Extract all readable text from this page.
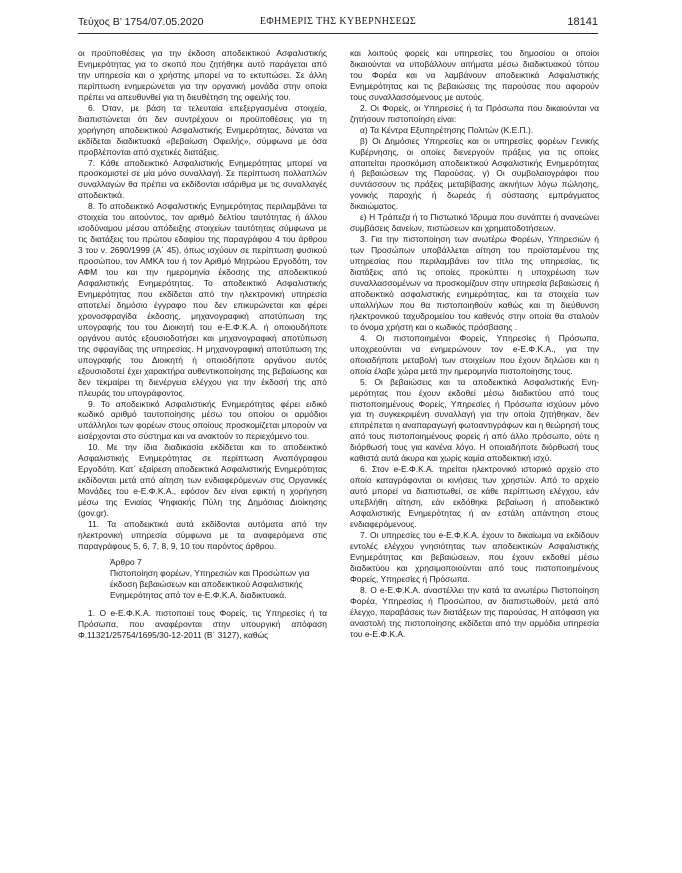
Τεύχος Β’ 1754/07.05.2020	ΕΦΗΜΕΡΙΣ ΤΗΣ ΚΥΒΕΡΝΗΣΕΩΣ	18141

οι προϋποθέσεις για την έκδοση αποδεικτικού Ασφαλιστικής Ενημερότητας για το σκοπό που ζητήθηκε αυτό παράγεται από την υπηρεσία και ο χρήστης μπορεί να το εκτυπώσει. Σε άλλη περίπτωση ενημερώνεται για την οργανική μονάδα στην οποία πρέπει να απευθυνθεί για τη διευθέτηση της οφειλής του.

6. Όταν, με βάση τα τελευταία επεξεργασμένα στοιχεία, διαπιστώνεται ότι δεν συντρέχουν οι προϋποθέσεις για τη χορήγηση αποδεικτικού Ασφαλιστικής Ενημερότητας, δύναται να εκδίδεται διαδικτυακά «βεβαίωση Οφειλής», σύμφωνα με όσα προβλέπονται από σχετικές διατάξεις.

7. Κάθε αποδεικτικό Ασφαλιστικής Ενημερότητας μπορεί να προσκομιστεί σε μία μόνο συναλλαγή. Σε περίπτωση πολλαπλών συναλλαγών θα πρέπει να εκδίδονται ισάριθμα με τις συναλλαγές αποδεικτικά.

8. Το αποδεικτικό Ασφαλιστικής Ενημερότητας περιλαμβάνει τα στοιχεία του αιτούντος, τον αριθμό δελτίου ταυτότητας ή άλλου ισοδύναμου μέσου απόδειξης στοιχείων ταυτότητας σύμφωνα με τις διατάξεις του πρώτου εδαφίου της παραγράφου 4 του άρθρου 3 του ν. 2690/1999 (Α΄ 45), όπως ισχύουν σε περίπτωση φυσικού προσώπου, τον ΑΜΚΑ του ή τον Αριθμό Μητρώου Εργοδότη, τον ΑΦΜ του και την ημερομηνία έκδοσης της αποδεικτικού Ασφαλιστικής Ενημερότητας. Το αποδεικτικό Ασφαλιστικής Ενημερότητας που εκδίδεται από την ηλεκτρονική υπηρεσία αποτελεί δημόσιο έγγραφο που δεν επικυρώνεται και φέρει χρονοσφραγίδα έκδοσης, μηχανογραφική αποτύπωση της υπογραφής του του Διοικητή του e-Ε.Φ.Κ.Α. ή οποιουδήποτε οργάνου αυτός εξουσιοδοτήσει και μηχανογραφική αποτύπωση της σφραγίδας της υπηρεσίας. Η μηχανογραφική αποτύπωση της υπογραφής του Διοικητή ή οποιοδήποτε οργάνου αυτός εξουσιοδοτεί έχει χαρακτήρα αυθεντικοποίησης της βεβαίωσης και δεν τεκμαίρει τη διενέργεια ελέγχου για την έκδοσή της από πλευράς του υπογράφοντος.

9. Το αποδεικτικό Ασφαλιστικής Ενημερότητας φέρει ειδικό κωδικό αριθμό ταυτοποίησης μέσω του οποίου οι αρμόδιοι υπάλληλοι των φορέων στους οποίους προσκομίζεται μπορούν να εισέρχονται στο σύστημα και να ανακτούν το περιεχόμενο του.

10. Με την ίδια διαδικασία εκδίδεται και το αποδεικτικό Ασφαλιστικής Ενημερότητας σε περίπτωση Αναπόγραφου Εργοδότη. Κατ΄ εξαίρεση αποδεικτικά Ασφαλιστικής Ενημερότητας εκδίδονται μετά από αίτηση των ενδιαφερόμενων στις Οργανικές Μονάδες του e-Ε.Φ.Κ.Α., εφόσον δεν είναι εφικτή η χορήγηση μέσω της Ενιαίας Ψηφιακής Πύλη της Δημόσιας Διοίκησης (gov.gr).

11. Τα αποδεικτικά αυτά εκδίδονται αυτόματα από την ηλεκτρονική υπηρεσία σύμφωνα με τα αναφερόμενα στις παραγράφους 5, 6, 7, 8, 9, 10 του παρόντος άρθρου.

Άρθρο 7
Πιστοποίηση φορέων, Υπηρεσιών και Προσώπων για έκδοση βεβαιώσεων και αποδεικτικού Ασφαλιστικής Ενημερότητας από τον e-Ε.Φ.Κ.Α. διαδικτυακά.

1. Ο e-Ε.Φ.Κ.Α. πιστοποιεί τους Φορείς, τις Υπηρεσίες ή τα Πρόσωπα, που αναφέρονται στην υπουργική απόφαση Φ.11321/25754/1695/30-12-2011 (Β΄ 3127), καθώς

και λοιπούς φορείς και υπηρεσίες του δημοσίου οι οποίοι δικαιούνται να υποβάλλουν αιτήματα μέσω διαδικτυακού τόπου του Φορέα και να λαμβάνουν αποδεικτικά Ασφαλιστικής Ενημερότητας και τις βεβαιώσεις της παρούσας που αφορούν τους συναλλασσόμενους με αυτούς.

2. Οι Φορείς, οι Υπηρεσίες ή τα Πρόσωπα που δικαιούνται να ζητήσουν πιστοποίηση είναι:

α) Τα Κέντρα Εξυπηρέτησης Πολιτών (Κ.Ε.Π.).

β) Οι Δημόσιες Υπηρεσίες και οι υπηρεσίες φορέων Γενικής Κυβέρνησης, οι οποίες διενεργούν πράξεις για τις οποίες απαιτείται προσκόμιση αποδεικτικού Ασφαλιστικής Ενημερότητας ή βεβαιώσεων της Παρούσας. γ) Οι συμβολαιογράφοι που συντάσσουν τις πράξεις μεταβίβασης ακινήτων λόγω πώλησης, γονικής παροχής ή δωρεάς ή σύστασης εμπράγματος δικαιώματος.

ε) Η Τράπεζα ή το Πιστωτικό Ίδρυμα που συνάπτει ή ανανεώνει συμβάσεις δανείων, πιστώσεων και χρηματοδοτήσεων.

3. Για την πιστοποίηση των ανωτέρω Φορέων, Υπηρεσιών ή των Προσώπων υποβάλλεται αίτηση του προϊσταμένου της υπηρεσίας που περιλαμβάνει τον τίτλο της υπηρεσίας, τις διατάξεις από τις οποίες προκύπτει η υποχρέωση των συναλλασσομένων να προσκομίζουν στην υπηρεσία βεβαιώσεις ή αποδεικτικό ασφαλιστικής ενημερότητας, και τα στοιχεία των υπαλλήλων που θα πιστοποιηθούν καθώς και τη διεύθυνση ηλεκτρονικού ταχυδρομείου του καθενός στην οποία θα σταλούν το όνομα χρήστη και ο κωδικός πρόσβασης .

4. Οι πιστοποιημένοι Φορείς, Υπηρεσίες ή Πρόσωπα, υποχρεούνται να ενημερώνουν τον e-Ε.Φ.Κ.Α., για την οποιαδήποτε μεταβολή των στοιχείων που έχουν δηλώσει και η οποία έλαβε χώρα μετά την ημερομηνία πιστοποίησης τους.

5. Οι βεβαιώσεις και τα αποδεικτικά Ασφαλιστικής Ενημερότητας που έχουν εκδοθεί μέσω διαδικτύου από τους πιστοποιημένους Φορείς, Υπηρεσίες ή Πρόσωπα ισχύουν μόνο για τη συγκεκριμένη συναλλαγή για την οποία ζητήθηκαν, δεν επιτρέπεται η αναπαραγωγή φωτοαντιγράφων και η θεώρησή τους από τους πιστοποιημένους φορείς ή από άλλο πρόσωπο, ούτε η διόρθωσή τους για κανένα λόγο. Η οποιαδήποτε διόρθωσή τους καθιστά αυτά άκυρα και χωρίς καμία αποδεικτική ισχύ.

6. Στον e-Ε.Φ.Κ.Α. τηρείται ηλεκτρονικό ιστορικό αρχείο στο οποίο καταγράφονται οι κινήσεις των χρηστών. Από το αρχείο αυτό μπορεί να διαπιστωθεί, σε κάθε περίπτωση ελέγχου, εάν υπεβλήθη αίτηση, εάν εκδόθηκε βεβαίωση ή αποδεικτικό Ασφαλιστικής Ενημερότητας ή αν εστάλη απάντηση στους ενδιαφερόμενους.

7. Οι υπηρεσίες του e-Ε.Φ.Κ.Α. έχουν το δικαίωμα να εκδίδουν εντολές ελέγχου γνησιότητας των αποδεικτικών Ασφαλιστικής Ενημερότητας και βεβαιώσεων, που έχουν εκδοθεί μέσω διαδικτύου και χρησιμοποιούνται από τους πιστοποιημένους Φορείς, Υπηρεσίες ή Πρόσωπα.

8. Ο e-Ε.Φ.Κ.Α. αναστέλλει την κατά τα ανωτέρω Πιστοποίηση Φορέα, Υπηρεσίας ή Προσώπου, αν διαπιστωθούν, μετά από έλεγχο, παραβάσεις των διατάξεων της παρούσας. Η απόφαση για αναστολή της πιστοποίησης εκδίδεται από την αρμόδια υπηρεσία του e-Ε.Φ.Κ.Α.
